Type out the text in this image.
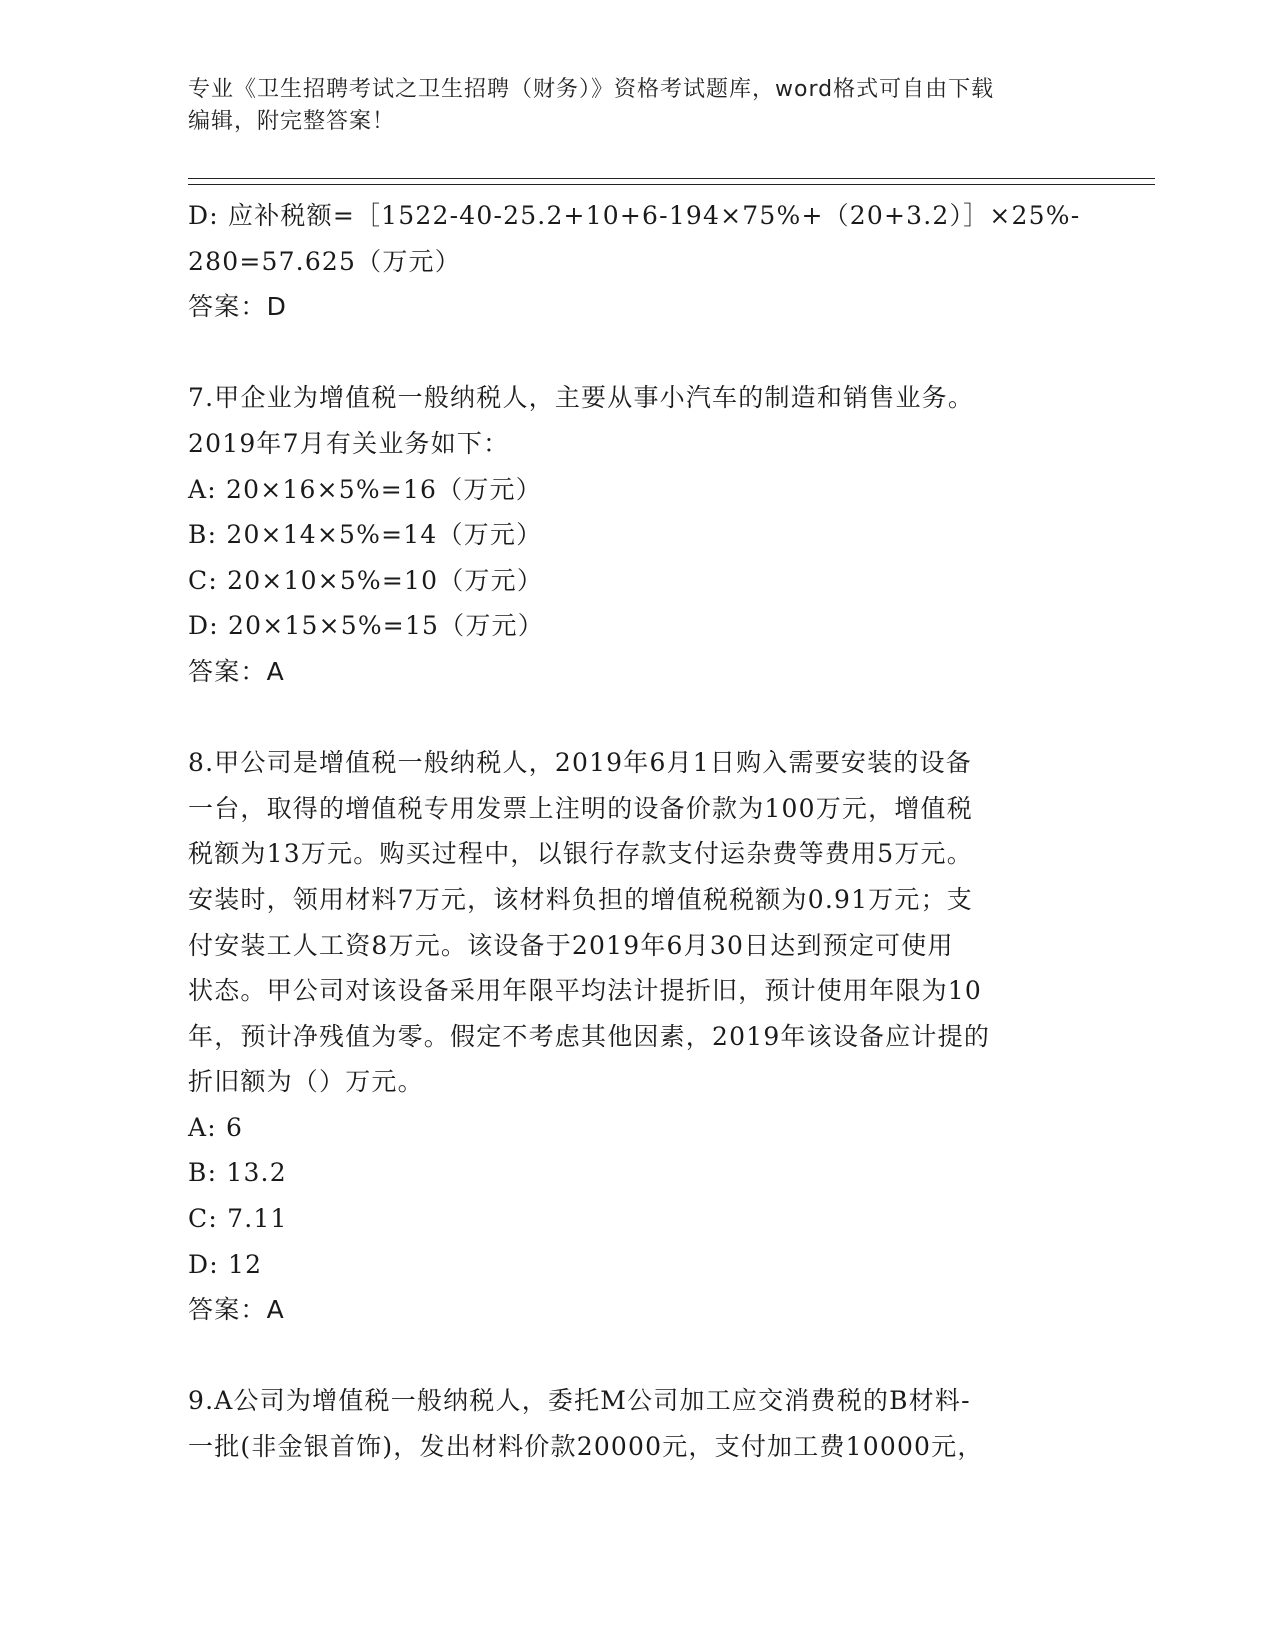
专业《卫生招聘考试之卫生招聘（财务）》资格考试题库，word格式可自由下载
编辑，附完整答案！
D: 应补税额=［1522-40-25.2+10+6-194×75%+（20+3.2）］×25%-
280=57.625（万元）
答案：D
7.甲企业为增值税一般纳税人，主要从事小汽车的制造和销售业务。
2019年7月有关业务如下：
A: 20×16×5%=16（万元）
B: 20×14×5%=14（万元）
C: 20×10×5%=10（万元）
D: 20×15×5%=15（万元）
答案：A
8.甲公司是增值税一般纳税人，2019年6月1日购入需要安装的设备
一台，取得的增值税专用发票上注明的设备价款为100万元，增值税
税额为13万元。购买过程中，以银行存款支付运杂费等费用5万元。
安装时，领用材料7万元，该材料负担的增值税税额为0.91万元；支
付安装工人工资8万元。该设备于2019年6月30日达到预定可使用
状态。甲公司对该设备采用年限平均法计提折旧，预计使用年限为10
年，预计净残值为零。假定不考虑其他因素，2019年该设备应计提的
折旧额为（）万元。
A: 6
B: 13.2
C: 7.11
D: 12
答案：A
9.A公司为增值税一般纳税人，委托M公司加工应交消费税的B材料-
一批(非金银首饰)，发出材料价款20000元，支付加工费10000元，
